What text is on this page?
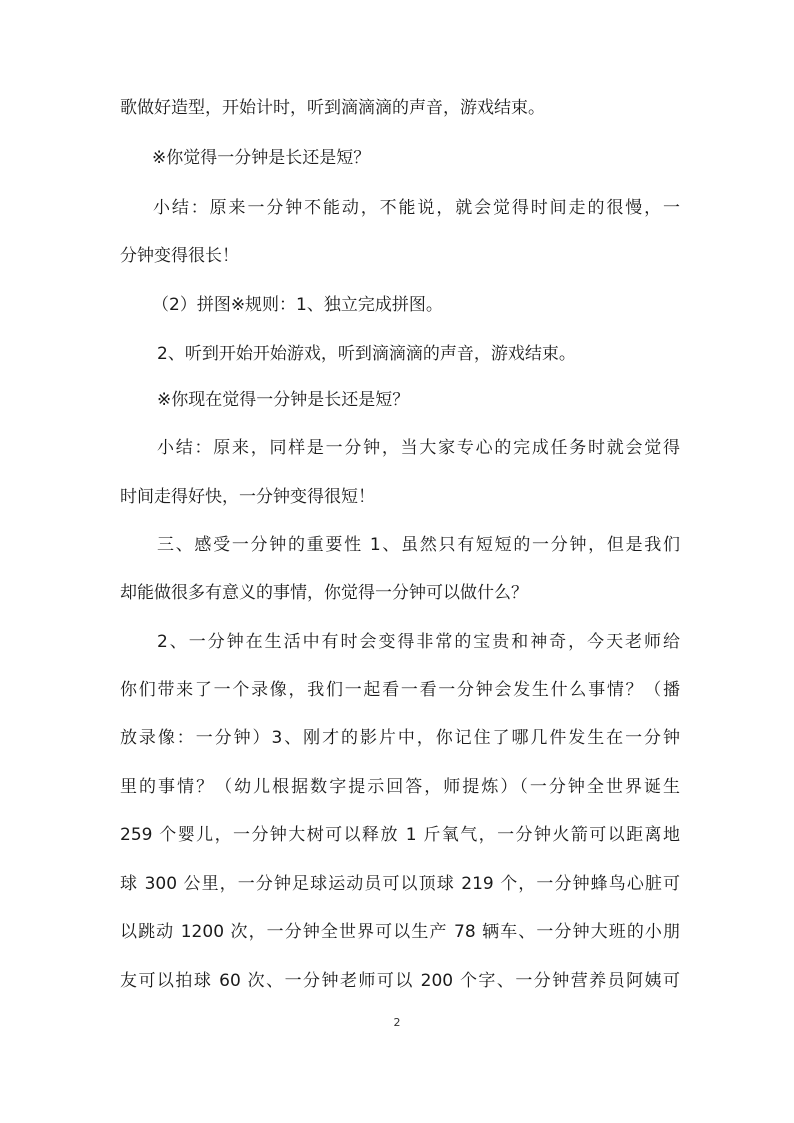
歌做好造型，开始计时，听到滴滴滴的声音，游戏结束。
※你觉得一分钟是长还是短？
小结：原来一分钟不能动，不能说，就会觉得时间走的很慢，一
分钟变得很长！
（2）拼图※规则：1、独立完成拼图。
2、听到开始开始游戏，听到滴滴滴的声音，游戏结束。
※你现在觉得一分钟是长还是短？
小结：原来，同样是一分钟，当大家专心的完成任务时就会觉得
时间走得好快，一分钟变得很短！
三、感受一分钟的重要性 1、虽然只有短短的一分钟，但是我们
却能做很多有意义的事情，你觉得一分钟可以做什么？
2、一分钟在生活中有时会变得非常的宝贵和神奇，今天老师给
你们带来了一个录像，我们一起看一看一分钟会发生什么事情？（播
放录像：一分钟）3、刚才的影片中，你记住了哪几件发生在一分钟
里的事情？（幼儿根据数字提示回答，师提炼）（一分钟全世界诞生
259 个婴儿，一分钟大树可以释放 1 斤氧气，一分钟火箭可以距离地
球 300 公里，一分钟足球运动员可以顶球 219 个，一分钟蜂鸟心脏可
以跳动 1200 次，一分钟全世界可以生产 78 辆车、一分钟大班的小朋
友可以拍球 60 次、一分钟老师可以 200 个字、一分钟营养员阿姨可
2
